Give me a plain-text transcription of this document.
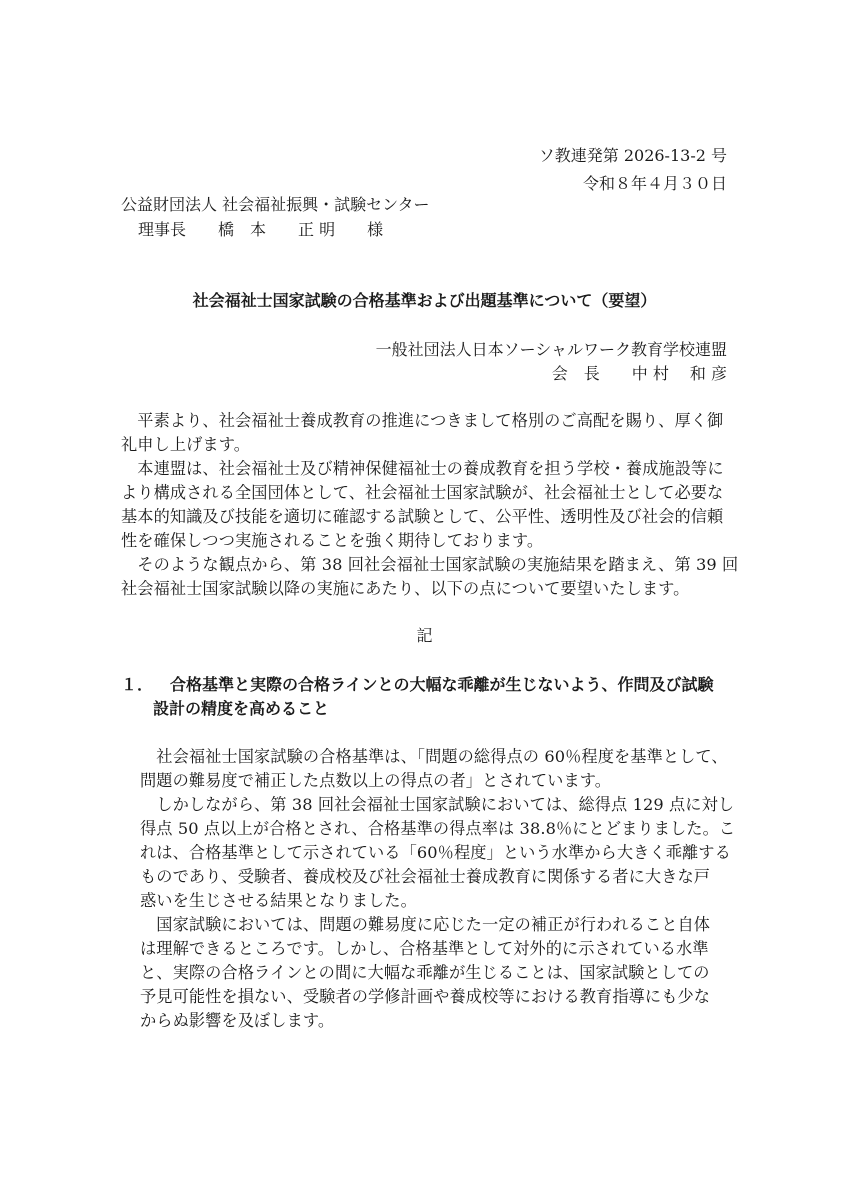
ソ教連発第 2026-13-2 号
令和８年４月３０日
公益財団法人 社会福祉振興・試験センター
理事長　　橋　本　　正 明　　様
社会福祉士国家試験の合格基準および出題基準について（要望）
一般社団法人日本ソーシャルワーク教育学校連盟
会　長　　中 村　 和 彦
　平素より、社会福祉士養成教育の推進につきまして格別のご高配を賜り、厚く御
礼申し上げます。
　本連盟は、社会福祉士及び精神保健福祉士の養成教育を担う学校・養成施設等に
より構成される全国団体として、社会福祉士国家試験が、社会福祉士として必要な
基本的知識及び技能を適切に確認する試験として、公平性、透明性及び社会的信頼
性を確保しつつ実施されることを強く期待しております。
　そのような観点から、第 38 回社会福祉士国家試験の実施結果を踏まえ、第 39 回
社会福祉士国家試験以降の実施にあたり、以下の点について要望いたします。
記
１． 合格基準と実際の合格ラインとの大幅な乖離が生じないよう、作問及び試験
設計の精度を高めること
　社会福祉士国家試験の合格基準は、「問題の総得点の 60％程度を基準として、
問題の難易度で補正した点数以上の得点の者」とされています。
　しかしながら、第 38 回社会福祉士国家試験においては、総得点 129 点に対し
得点 50 点以上が合格とされ、合格基準の得点率は 38.8％にとどまりました。こ
れは、合格基準として示されている「60％程度」という水準から大きく乖離する
ものであり、受験者、養成校及び社会福祉士養成教育に関係する者に大きな戸
惑いを生じさせる結果となりました。
　国家試験においては、問題の難易度に応じた一定の補正が行われること自体
は理解できるところです。しかし、合格基準として対外的に示されている水準
と、実際の合格ラインとの間に大幅な乖離が生じることは、国家試験としての
予見可能性を損ない、受験者の学修計画や養成校等における教育指導にも少な
からぬ影響を及ぼします。
